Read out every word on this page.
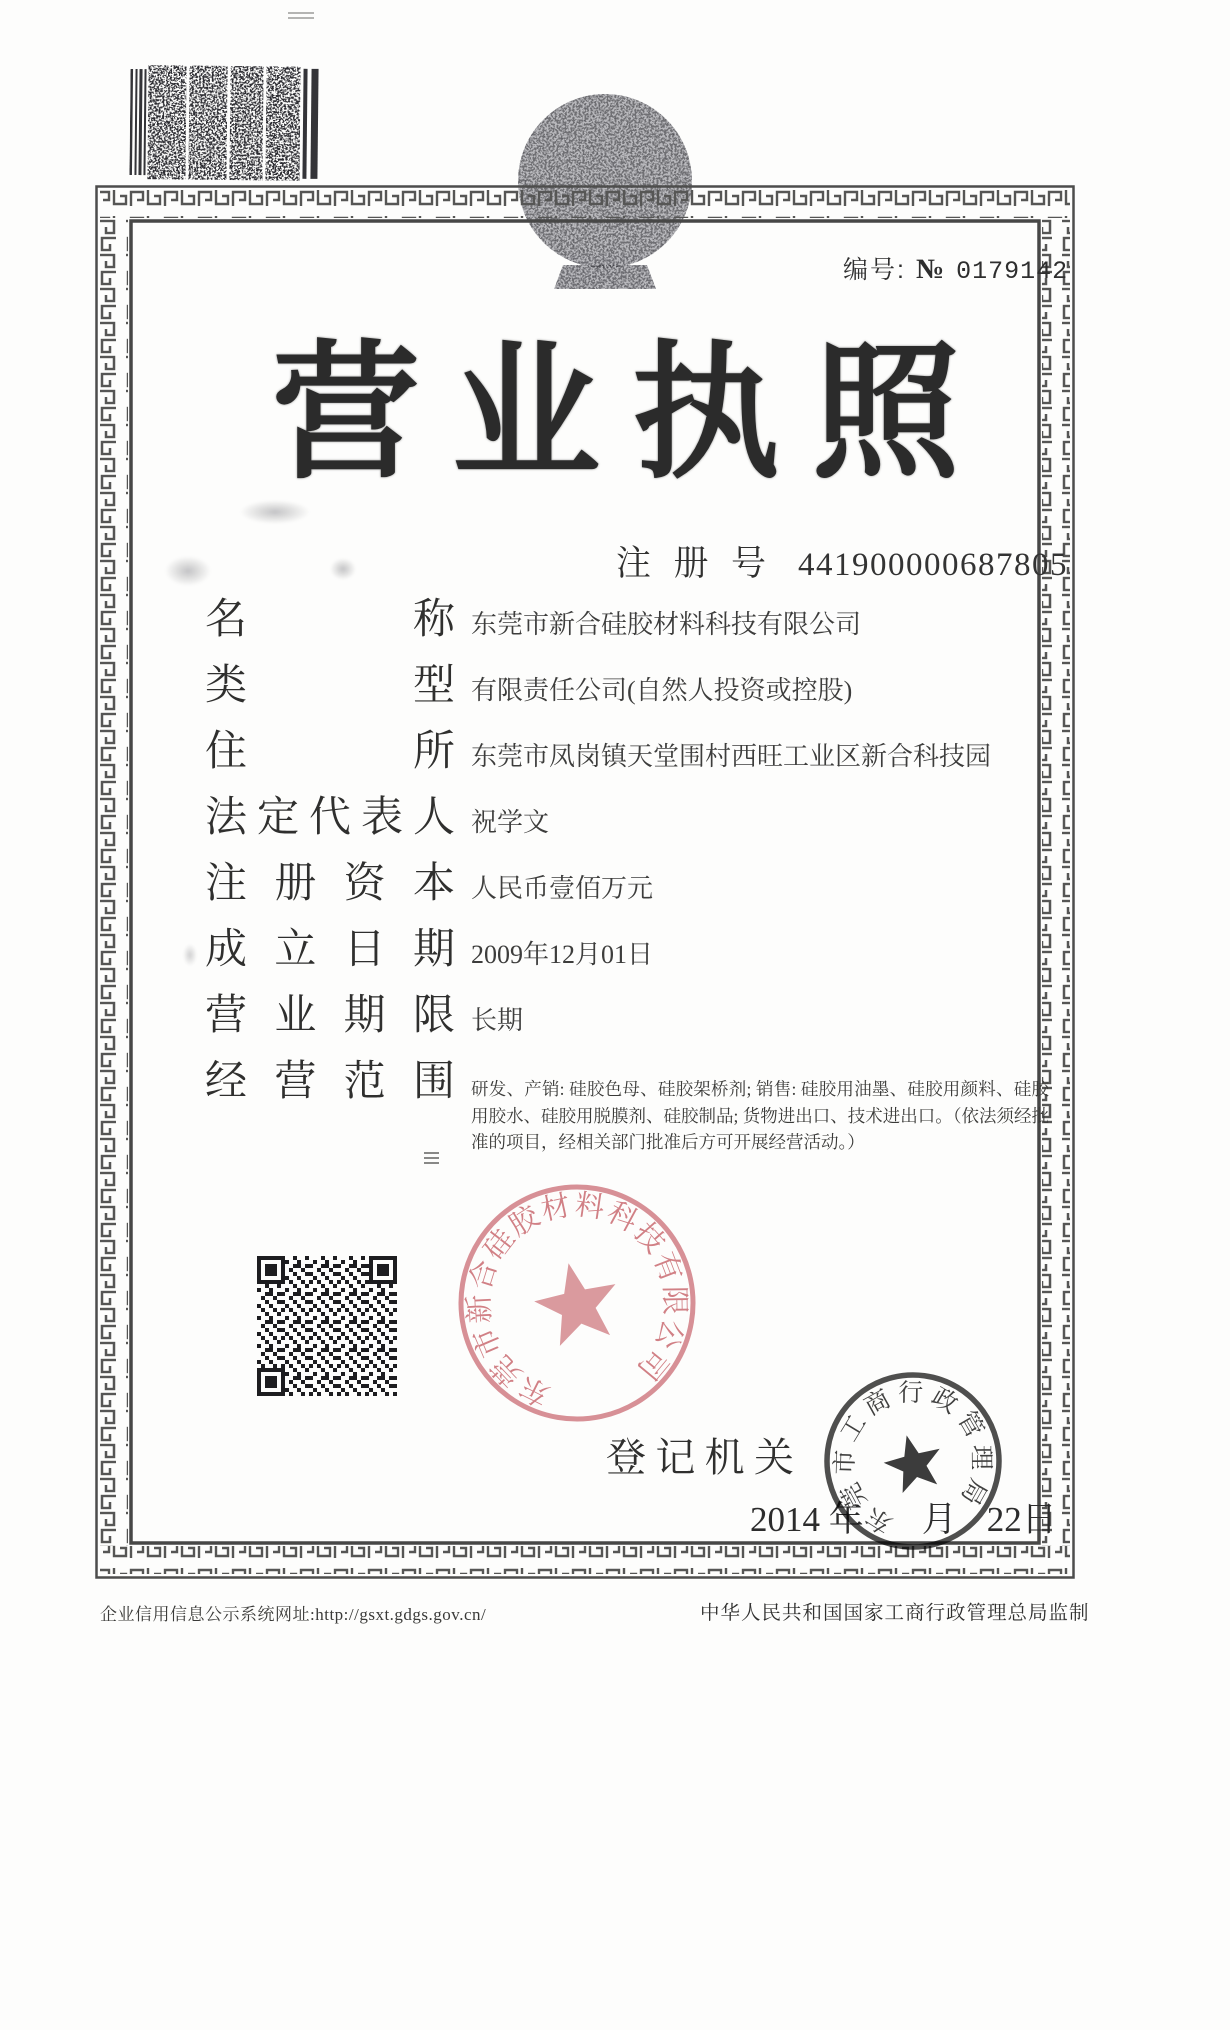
编号: № 0179142
营 业 执 照
注 册 号 441900000687805
名	称 东莞市新合硅胶材料科技有限公司
类	型 有限责任公司(自然人投资或控股)
住	所 东莞市凤岗镇天堂围村西旺工业区新合科技园
法 定 代 表 人 祝学文
注 册 资 本 人民币壹佰万元
成 立 日 期 2009年12月01日
营 业 期 限 长期
经 营 范 围 研发、产销: 硅胶色母、硅胶架桥剂; 销售: 硅胶用油墨、硅胶用颜料、硅胶用胶水、硅胶用脱膜剂、硅胶制品; 货物进出口、技术进出口。（依法须经批准的项目，经相关部门批准后方可开展经营活动。）
东莞市新合硅胶材料科技有限公司
登 记 机 关
2014 年 月 22日
东莞市工商行政管理局
企业信用信息公示系统网址:http://gsxt.gdgs.gov.cn/	中华人民共和国国家工商行政管理总局监制
